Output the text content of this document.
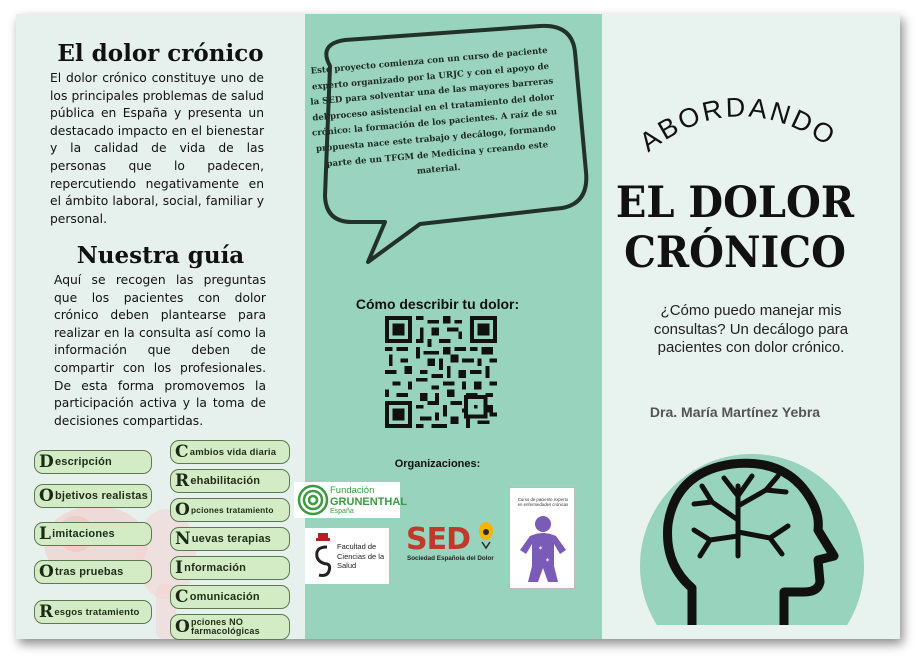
El dolor crónico
El dolor crónico constituye uno de los principales problemas de salud pública en España y presenta un destacado impacto en el bienestar y la calidad de vida de las personas que lo padecen, repercutiendo negativamente en el ámbito laboral, social, familiar y personal.
Nuestra guía
Aquí se recogen las preguntas que los pacientes con dolor crónico deben plantearse para realizar en la consulta así como la información que deben de compartir con los profesionales. De esta forma promovemos la participación activa y la toma de decisiones compartidas.
D escripción
O bjetivos realistas
L imitaciones
O tras pruebas
R esgos tratamiento
C ambios vida diaria
R ehabilitación
O pciones tratamiento
N uevas terapias
I nformación
C omunicación
O pciones NO farmacológicas
Este proyecto comienza con un curso de paciente experto organizado por la URJC y con el apoyo de la SED para solventar una de las mayores barreras del proceso asistencial en el tratamiento del dolor crónico: la formación de los pacientes. A raíz de su propuesta nace este trabajo y decálogo, formando parte de un TFGM de Medicina y creando este material.
Cómo describir tu dolor:
Organizaciones:
Fundación
GRUNENTHAL
España
Facultad de Ciencias de la Salud
SED
Sociedad Española del Dolor
Curso de paciente experto en enfermedades crónicas
✶
✶
ABORDANDO
EL DOLOR
CRÓNICO
¿Cómo puedo manejar mis consultas? Un decálogo para pacientes con dolor crónico.
Dra. María Martínez Yebra
